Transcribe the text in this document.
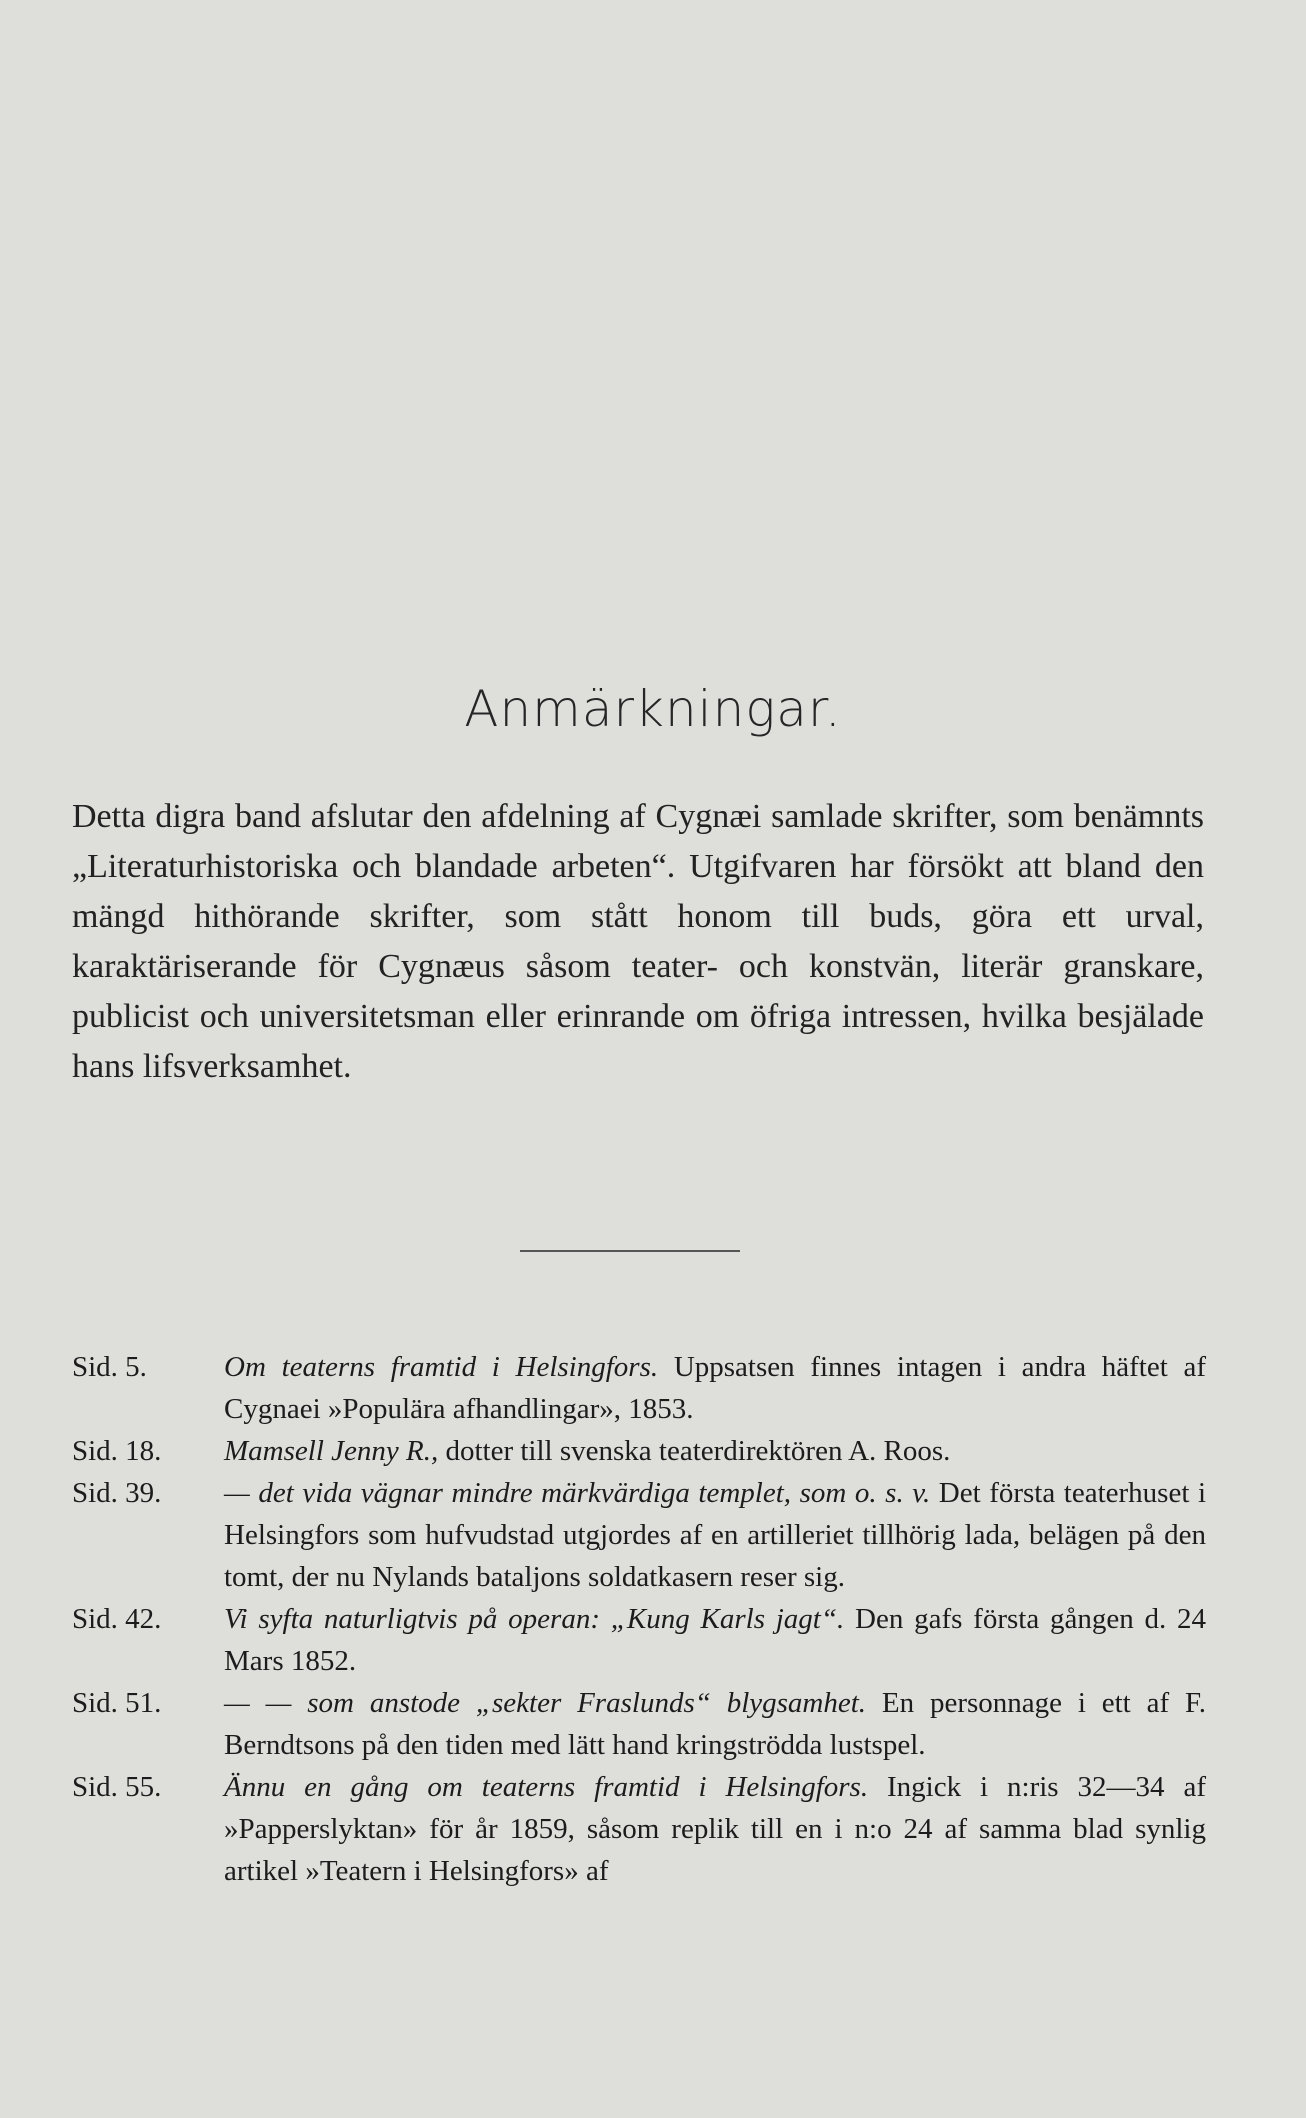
Anmärkningar.

Detta digra band afslutar den afdelning af Cygnæi samlade skrifter, som benämnts „Literaturhistoriska och blandade arbeten“. Utgifvaren har försökt att bland den mängd hithörande skrifter, som stått honom till buds, göra ett urval, karaktäriserande för Cygnæus såsom teater- och konstvän, literär granskare, publicist och universitetsman eller erinrande om öfriga intressen, hvilka besjälade hans lifsverksamhet.

Sid. 5.	Om teaterns framtid i Helsingfors. Uppsatsen finnes intagen i andra häftet af Cygnaei »Populära afhandlingar», 1853.
Sid. 18.	Mamsell Jenny R., dotter till svenska teaterdirektören A. Roos.
Sid. 39.	— det vida vägnar mindre märkvärdiga templet, som o. s. v. Det första teaterhuset i Helsingfors som hufvudstad utgjordes af en artilleriet tillhörig lada, belägen på den tomt, der nu Nylands bataljons soldatkasern reser sig.
Sid. 42.	Vi syfta naturligtvis på operan: „Kung Karls jagt“. Den gafs första gången d. 24 Mars 1852.
Sid. 51.	— — som anstode „sekter Fraslunds“ blygsamhet. En personnage i ett af F. Berndtsons på den tiden med lätt hand kringströdda lustspel.
Sid. 55.	Ännu en gång om teaterns framtid i Helsingfors. Ingick i n:ris 32—34 af »Papperslyktan» för år 1859, såsom replik till en i n:o 24 af samma blad synlig artikel »Teatern i Helsingfors» af
